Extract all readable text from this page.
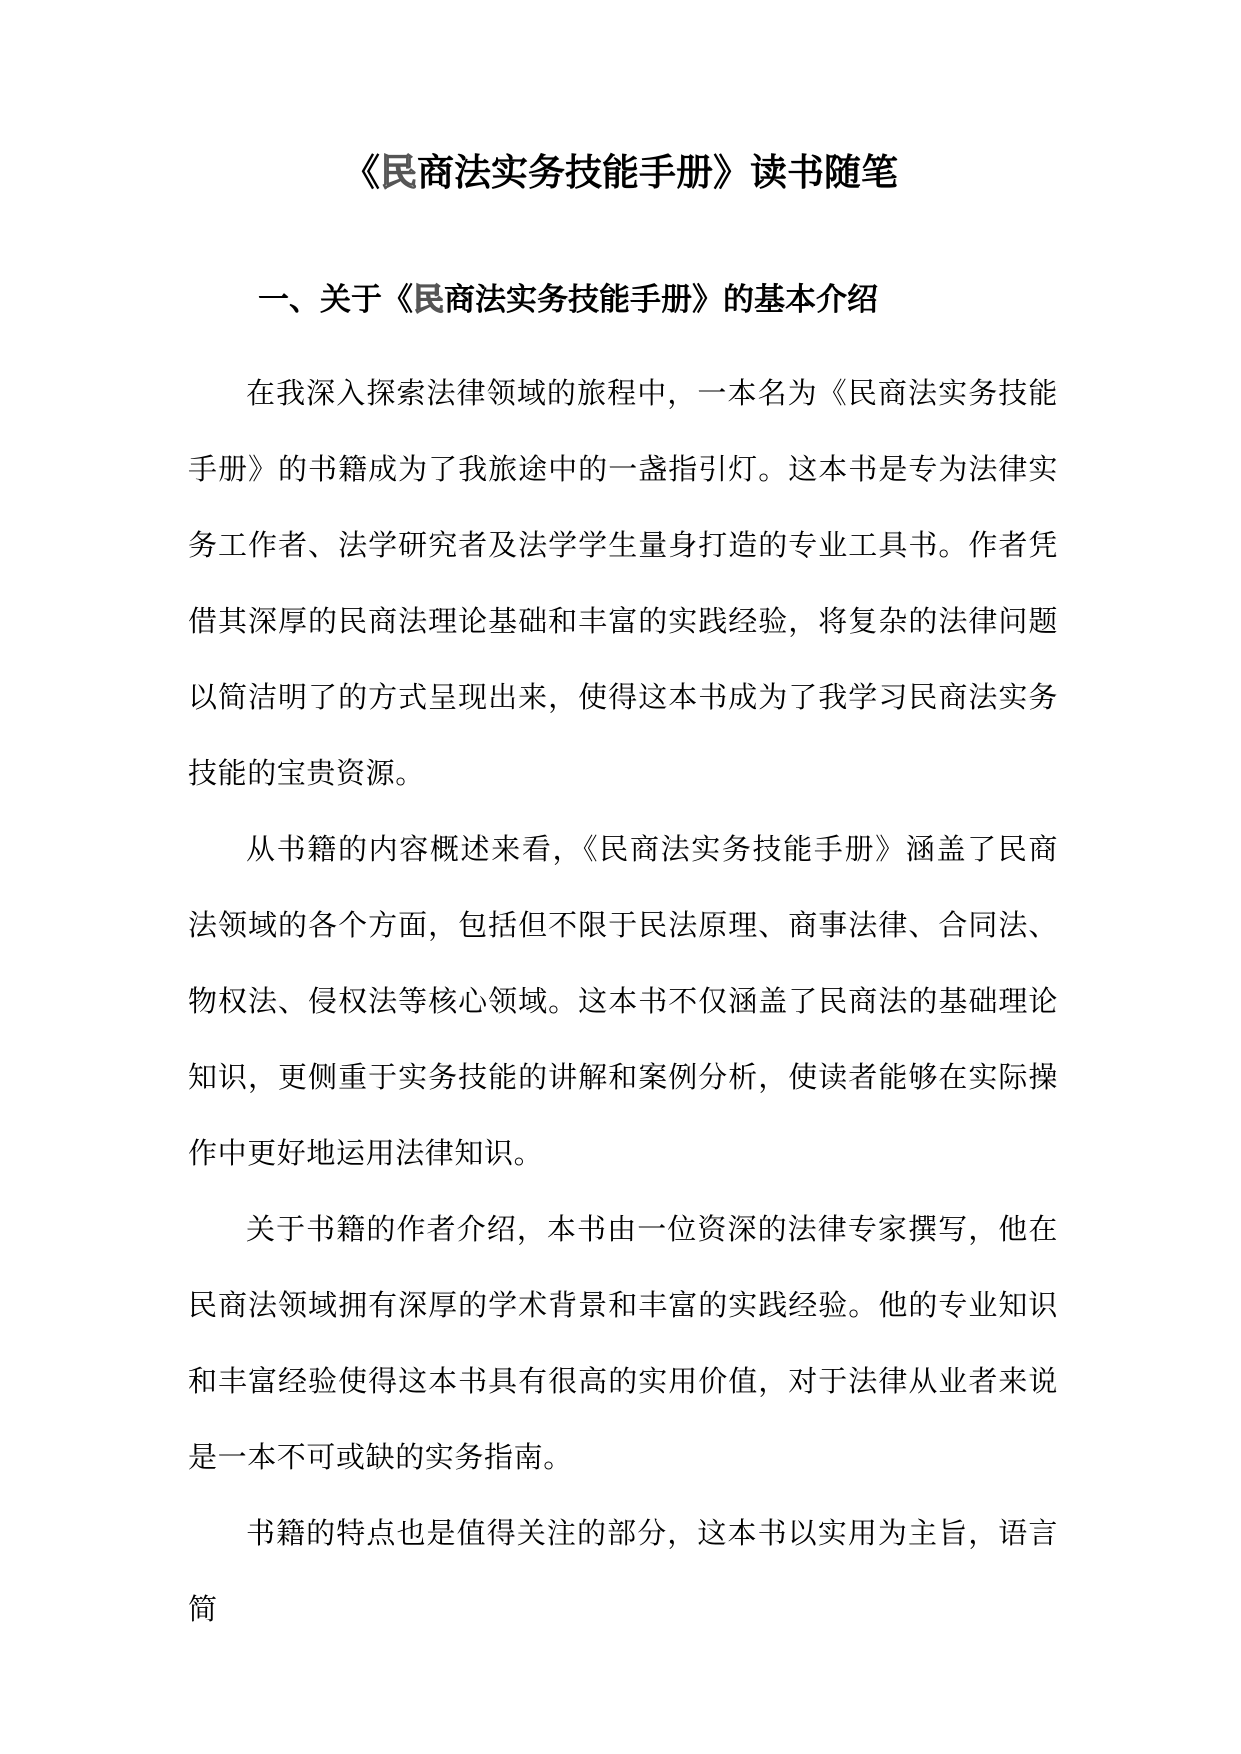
《民商法实务技能手册》读书随笔
一、关于《民商法实务技能手册》的基本介绍

在我深入探索法律领域的旅程中，一本名为《民商法实务技能手册》的书籍成为了我旅途中的一盏指引灯。这本书是专为法律实务工作者、法学研究者及法学学生量身打造的专业工具书。作者凭借其深厚的民商法理论基础和丰富的实践经验，将复杂的法律问题以简洁明了的方式呈现出来，使得这本书成为了我学习民商法实务技能的宝贵资源。

从书籍的内容概述来看，《民商法实务技能手册》涵盖了民商法领域的各个方面，包括但不限于民法原理、商事法律、合同法、物权法、侵权法等核心领域。这本书不仅涵盖了民商法的基础理论知识，更侧重于实务技能的讲解和案例分析，使读者能够在实际操作中更好地运用法律知识。

关于书籍的作者介绍，本书由一位资深的法律专家撰写，他在民商法领域拥有深厚的学术背景和丰富的实践经验。他的专业知识和丰富经验使得这本书具有很高的实用价值，对于法律从业者来说是一本不可或缺的实务指南。

书籍的特点也是值得关注的部分，这本书以实用为主旨，语言简
